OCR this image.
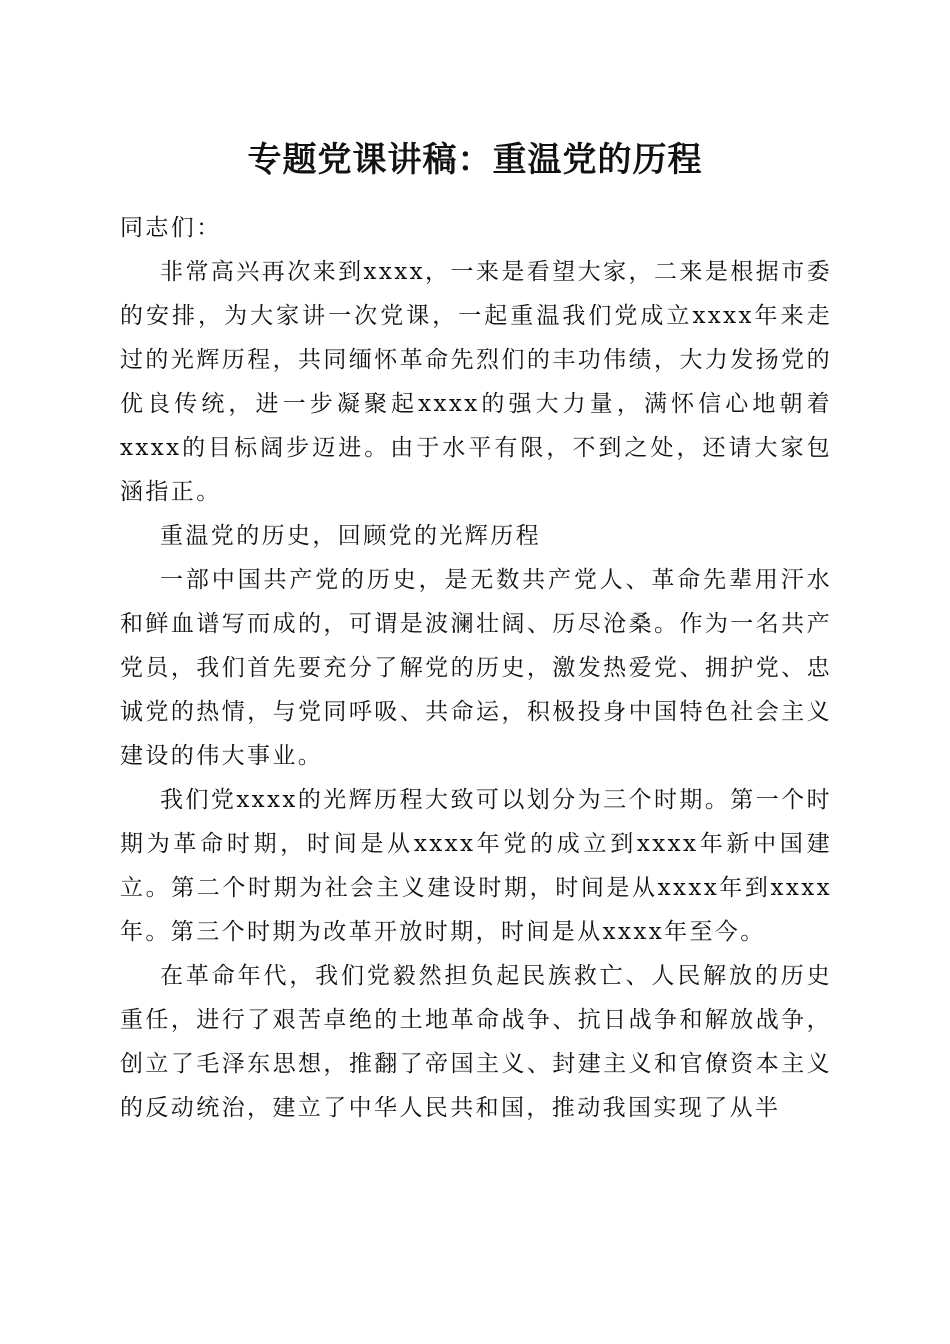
专题党课讲稿：重温党的历程

同志们：

非常高兴再次来到xxxx，一来是看望大家，二来是根据市委的安排，为大家讲一次党课，一起重温我们党成立xxxx年来走过的光辉历程，共同缅怀革命先烈们的丰功伟绩，大力发扬党的优良传统，进一步凝聚起xxxx的强大力量，满怀信心地朝着xxxx的目标阔步迈进。由于水平有限，不到之处，还请大家包涵指正。

重温党的历史，回顾党的光辉历程

一部中国共产党的历史，是无数共产党人、革命先辈用汗水和鲜血谱写而成的，可谓是波澜壮阔、历尽沧桑。作为一名共产党员，我们首先要充分了解党的历史，激发热爱党、拥护党、忠诚党的热情，与党同呼吸、共命运，积极投身中国特色社会主义建设的伟大事业。

我们党xxxx的光辉历程大致可以划分为三个时期。第一个时期为革命时期，时间是从xxxx年党的成立到xxxx年新中国建立。第二个时期为社会主义建设时期，时间是从xxxx年到xxxx年。第三个时期为改革开放时期，时间是从xxxx年至今。

在革命年代，我们党毅然担负起民族救亡、人民解放的历史重任，进行了艰苦卓绝的土地革命战争、抗日战争和解放战争，创立了毛泽东思想，推翻了帝国主义、封建主义和官僚资本主义的反动统治，建立了中华人民共和国，推动我国实现了从半
